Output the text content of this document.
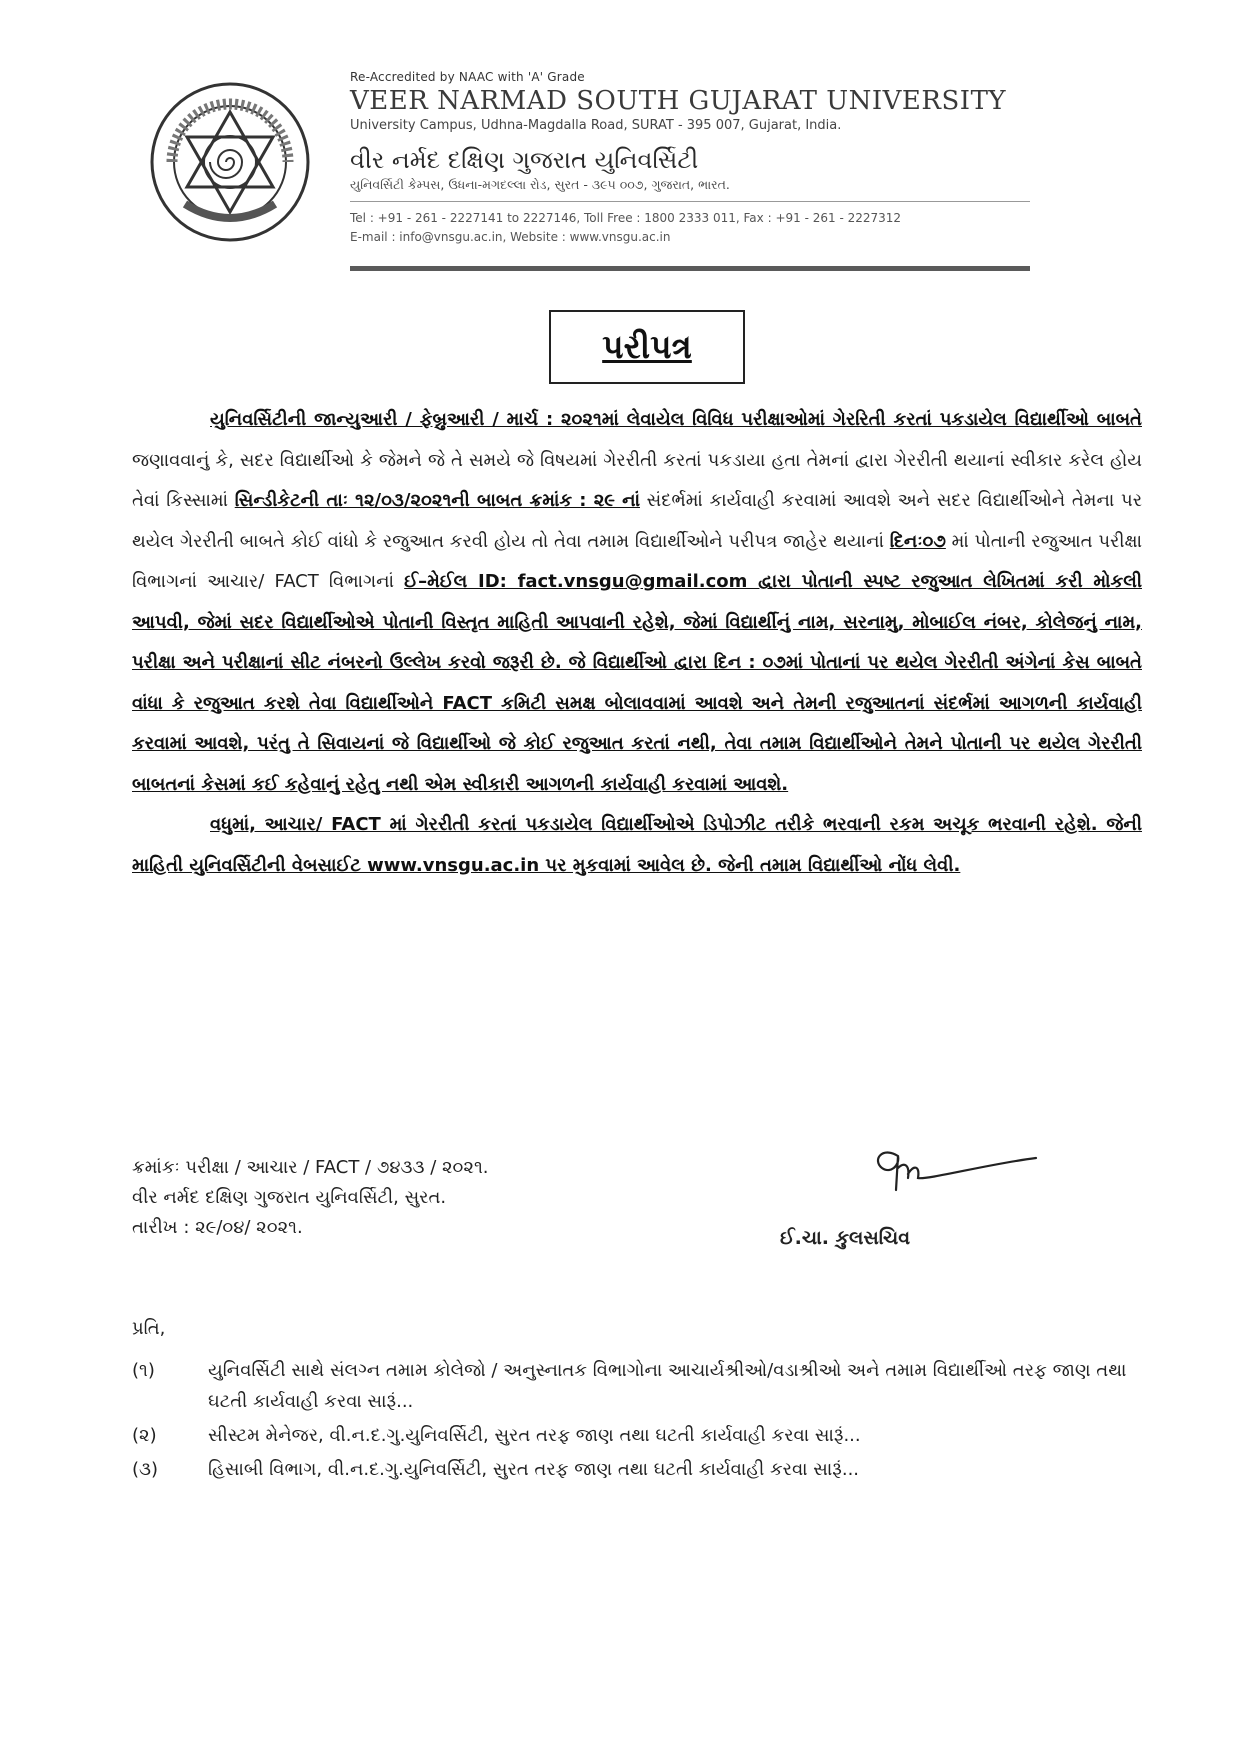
Re-Accredited by NAAC with 'A' Grade
VEER NARMAD SOUTH GUJARAT UNIVERSITY
University Campus, Udhna-Magdalla Road, SURAT - 395 007, Gujarat, India.
વીર નર્મદ દક્ષિણ ગુજરાત યુનિવર્સિટી
યુનિવર્સિટી કેમ્પસ, ઉધના-મગદલ્લા રોડ, સુરત - ૩૯૫ ૦૦૭, ગુજરાત, ભારત.
Tel : +91 - 261 - 2227141 to 2227146, Toll Free : 1800 2333 011, Fax : +91 - 261 - 2227312
E-mail : info@vnsgu.ac.in, Website : www.vnsgu.ac.in
પરીપત્ર

યુનિવર્સિટીની જાન્યુઆરી / ફેબ્રુઆરી / માર્ચ : ૨૦૨૧માં લેવાયેલ વિવિધ પરીક્ષાઓમાં ગેરરિતી કરતાં પકડાયેલ વિદ્યાર્થીઓ બાબતે જણાવવાનું કે, સદર વિદ્યાર્થીઓ કે જેમને જે તે સમયે જે વિષયમાં ગેરરીતી કરતાં પકડાયા હતા તેમનાં દ્વારા ગેરરીતી થયાનાં સ્વીકાર કરેલ હોય તેવાં કિસ્સામાં સિન્ડીકેટની તાઃ ૧૨/૦૩/૨૦૨૧ની બાબત ક્રમાંક : ૨૯ નાં સંદર્ભમાં કાર્યવાહી કરવામાં આવશે અને સદર વિદ્યાર્થીઓને તેમના પર થયેલ ગેરરીતી બાબતે કોઈ વાંધો કે રજુઆત કરવી હોય તો તેવા તમામ વિદ્યાર્થીઓને પરીપત્ર જાહેર થયાનાં દિનઃ૦૭ માં પોતાની રજુઆત પરીક્ષા વિભાગનાં આચાર/ FACT વિભાગનાં ઈ–મેઈલ ID: fact.vnsgu@gmail.com દ્વારા પોતાની સ્પષ્ટ રજુઆત લેખિતમાં કરી મોકલી આપવી, જેમાં સદર વિદ્યાર્થીઓએ પોતાની વિસ્તૃત માહિતી આપવાની રહેશે, જેમાં વિદ્યાર્થીનું નામ, સરનામુ, મોબાઈલ નંબર, કોલેજનું નામ, પરીક્ષા અને પરીક્ષાનાં સીટ નંબરનો ઉલ્લેખ કરવો જરૂરી છે. જે વિદ્યાર્થીઓ દ્વારા દિન : ૦૭માં પોતાનાં પર થયેલ ગેરરીતી અંગેનાં કેસ બાબતે વાંધા કે રજુઆત કરશે તેવા વિદ્યાર્થીઓને FACT કમિટી સમક્ષ બોલાવવામાં આવશે અને તેમની રજુઆતનાં સંદર્ભમાં આગળની કાર્યવાહી કરવામાં આવશે, પરંતુ તે સિવાયનાં જે વિદ્યાર્થીઓ જે કોઈ રજુઆત કરતાં નથી, તેવા તમામ વિદ્યાર્થીઓને તેમને પોતાની પર થયેલ ગેરરીતી બાબતનાં કેસમાં કઈ કહેવાનું રહેતુ નથી એમ સ્વીકારી આગળની કાર્યવાહી કરવામાં આવશે.

વધુમાં, આચાર/ FACT માં ગેરરીતી કરતાં પકડાયેલ વિદ્યાર્થીઓએ ડિપોઝીટ તરીકે ભરવાની રકમ અચૂક ભરવાની રહેશે. જેની માહિતી યુનિવર્સિટીની વેબસાઈટ www.vnsgu.ac.in પર મુકવામાં આવેલ છે. જેની તમામ વિદ્યાર્થીઓ નોંધ લેવી.

ક્રમાંકઃ પરીક્ષા / આચાર / FACT / ૭૪૩૩ / ૨૦૨૧.
વીર નર્મદ દક્ષિણ ગુજરાત યુનિવર્સિટી, સુરત.
તારીખ : ૨૯/૦૪/ ૨૦૨૧.	ઈ.ચા. કુલસચિવ
પ્રતિ,
(૧)	યુનિવર્સિટી સાથે સંલગ્ન તમામ કોલેજો / અનુસ્નાતક વિભાગોના આચાર્યશ્રીઓ/વડાશ્રીઓ અને તમામ વિદ્યાર્થીઓ તરફ જાણ તથા ઘટતી કાર્યવાહી કરવા સારૂં...
(૨)	સીસ્ટમ મેનેજર, વી.ન.દ.ગુ.યુનિવર્સિટી, સુરત તરફ જાણ તથા ઘટતી કાર્યવાહી કરવા સારૂં...
(૩)	હિસાબી વિભાગ, વી.ન.દ.ગુ.યુનિવર્સિટી, સુરત તરફ જાણ તથા ઘટતી કાર્યવાહી કરવા સારૂં...
